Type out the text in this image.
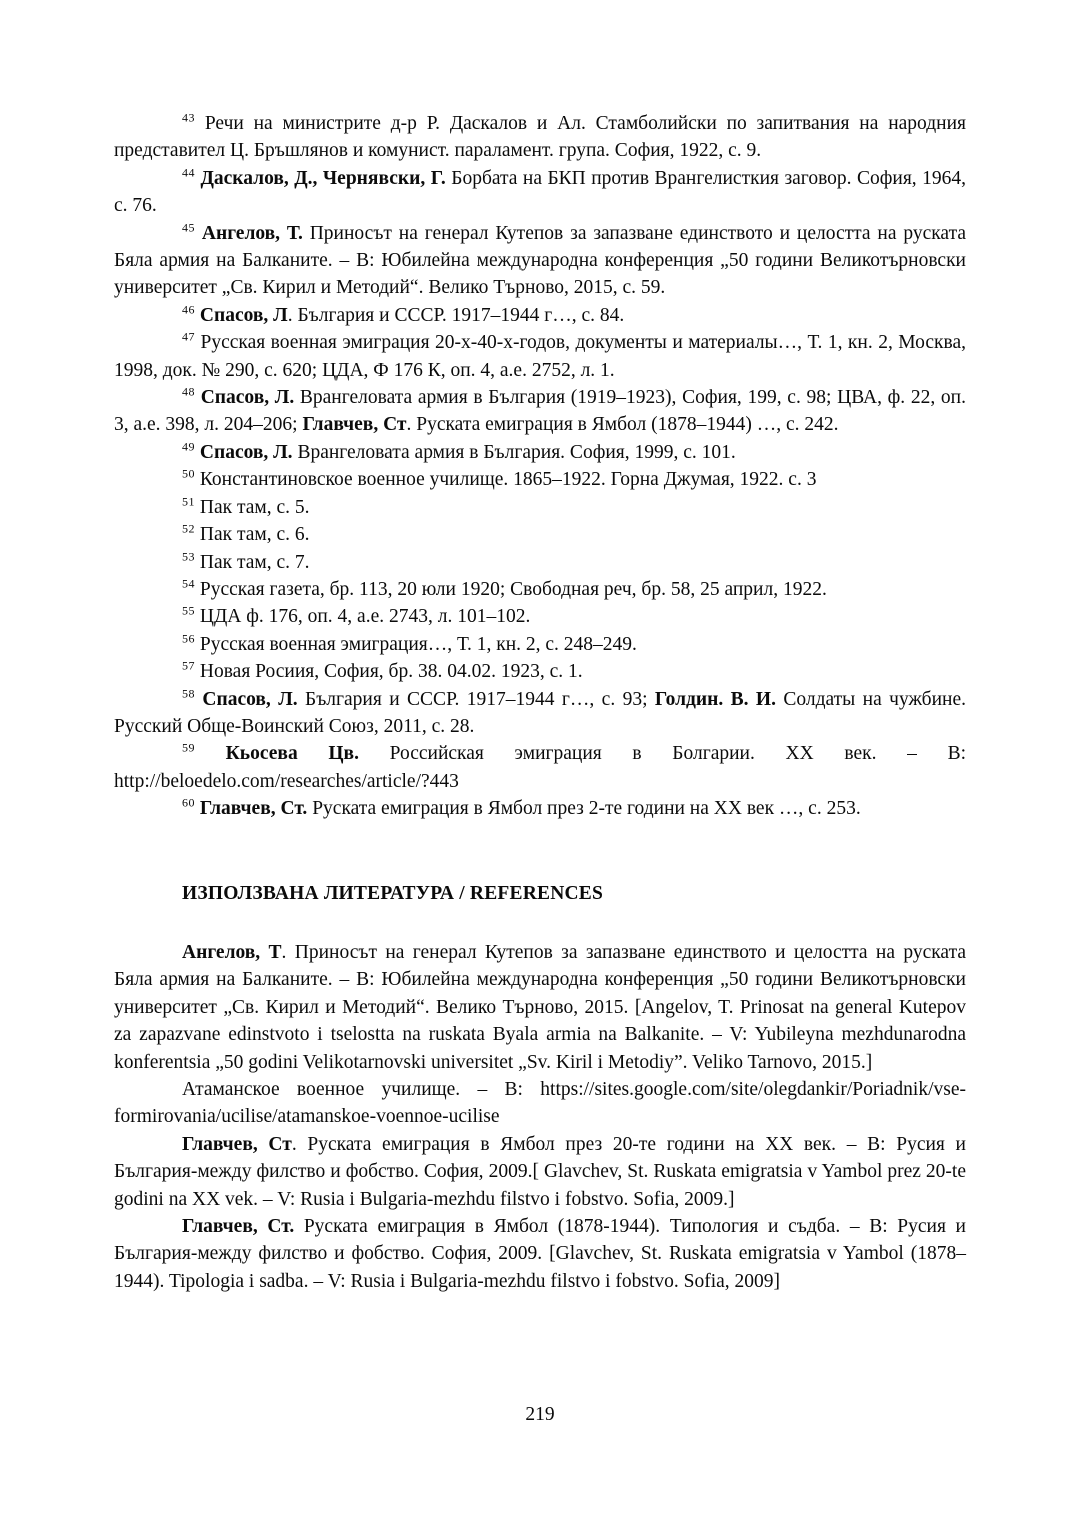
$^{43}$ Речи на министрите д-р Р. Даскалов и Ал. Стамболийски по запитвания на народния представител Ц. Бръшлянов и комунист. параламент. група. София, 1922, с. 9.

$^{44}$ Даскалов, Д., Чернявски, Г. Борбата на БКП против Врангелисткия заговор. София, 1964, с. 76.

$^{45}$ Ангелов, Т. Приносът на генерал Кутепов за запазване единството и целостта на руската Бяла армия на Балканите. – В: Юбилейна международна конференция „50 години Великотърновски университет „Св. Кирил и Методий“. Велико Търново, 2015, с. 59.

$^{46}$ Спасов, Л. България и СССР. 1917–1944 г…, с. 84.

$^{47}$ Русская военная эмиграция 20-х-40-х-годов, документы и материалы…, Т. 1, кн. 2, Москва, 1998, док. № 290, с. 620; ЦДА, Ф 176 К, оп. 4, а.е. 2752, л. 1.

$^{48}$ Спасов, Л. Врангеловата армия в България (1919–1923), София, 199, с. 98; ЦВА, ф. 22, оп. 3, а.е. 398, л. 204–206; Главчев, Ст. Руската емиграция в Ямбол (1878–1944) …, с. 242.

$^{49}$ Спасов, Л. Врангеловата армия в България. София, 1999, с. 101.

$^{50}$ Константиновское военное училище. 1865–1922. Горна Джумая, 1922. с. 3

$^{51}$ Пак там, с. 5.

$^{52}$ Пак там, с. 6.

$^{53}$ Пак там, с. 7.

$^{54}$ Русская газета, бр. 113, 20 юли 1920; Свободная реч, бр. 58, 25 април, 1922.

$^{55}$ ЦДА ф. 176, оп. 4, а.е. 2743, л. 101–102.

$^{56}$ Русская военная эмиграция…, Т. 1, кн. 2, с. 248–249.

$^{57}$ Новая Росиия, София, бр. 38. 04.02. 1923, с. 1.

$^{58}$ Спасов, Л. България и СССР. 1917–1944 г…, с. 93; Голдин. В. И. Солдаты на чужбине. Русский Обще-Воинский Союз, 2011, с. 28.

$^{59}$ Кьосева Цв. Российская эмиграция в Болгарии. ХХ век. – В: http://beloedelo.com/researches/article/?443

$^{60}$ Главчев, Ст. Руската емиграция в Ямбол през 2-те години на ХХ век …, с. 253.

ИЗПОЛЗВАНА ЛИТЕРАТУРА / REFERENCES

Ангелов, Т. Приносът на генерал Кутепов за запазване единството и целостта на руската Бяла армия на Балканите. – В: Юбилейна международна конференция „50 години Великотърновски университет „Св. Кирил и Методий“. Велико Търново, 2015. [Angelov, T. Prinosat na general Kutepov za zapazvane edinstvoto i tselostta na ruskata Byala armia na Balkanite. – V: Yubileyna mezhdunarodna konferentsia „50 godini Velikotarnovski universitet „Sv. Kiril i Metodiy”. Veliko Tarnovo, 2015.]

Атаманское военное училище. – В: https://sites.google.com/site/olegdankir/Poriadnik/vse-formirovania/ucilise/atamanskoe-voennoe-ucilise

Главчев, Ст. Руската емиграция в Ямбол през 20-те години на ХХ век. – В: Русия и България-между филство и фобство. София, 2009.[ Glavchev, St. Ruskata emigratsia v Yambol prez 20-te godini na XX vek. – V: Rusia i Bulgaria-mezhdu filstvo i fobstvo. Sofia, 2009.]

Главчев, Ст. Руската емиграция в Ямбол (1878-1944). Типология и съдба. – В: Русия и България-между филство и фобство. София, 2009. [Glavchev, St. Ruskata emigratsia v Yambol (1878–1944). Tipologia i sadba. – V: Rusia i Bulgaria-mezhdu filstvo i fobstvo. Sofia, 2009]

219
